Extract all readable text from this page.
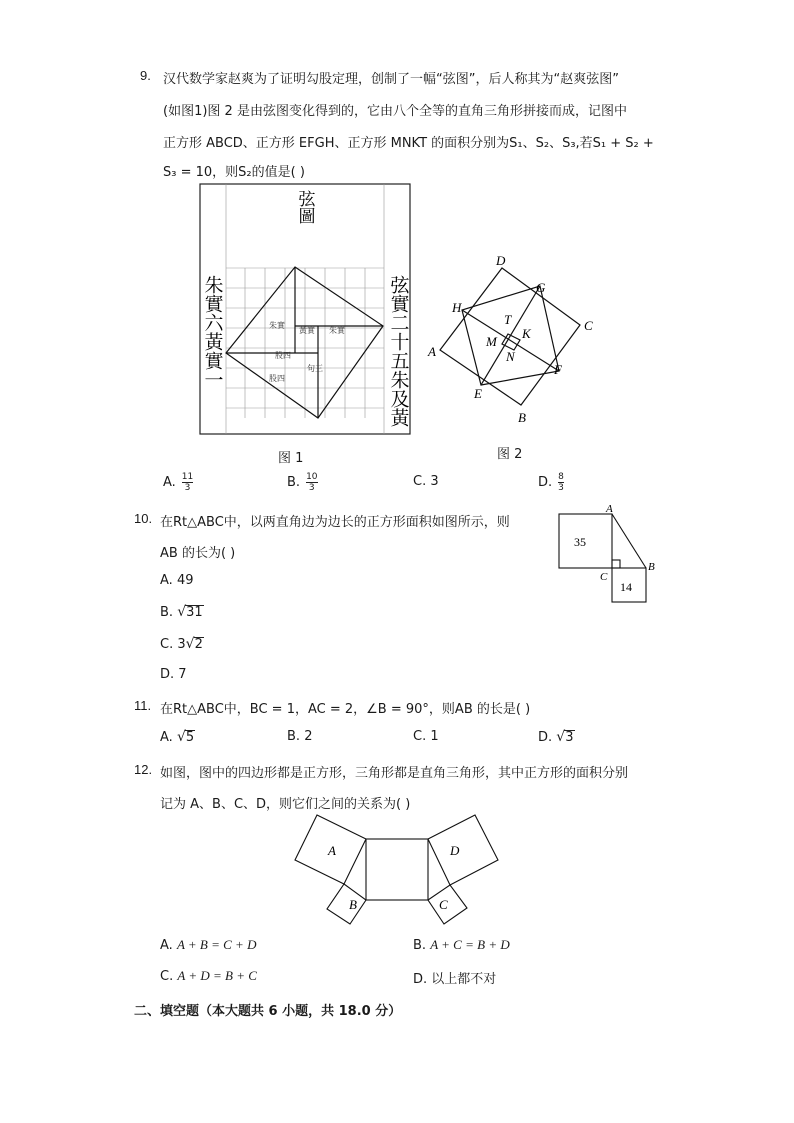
9. 汉代数学家赵爽为了证明勾股定理，创制了一幅“弦图”，后人称其为“赵爽弦图”
(如图1)图 2 是由弦图变化得到的，它由八个全等的直角三角形拼接而成，记图中
正方形 ABCD、正方形 EFGH、正方形 MNKT 的面积分别为S₁、S₂、S₃,若S₁ + S₂ +
S₃ = 10，则S₂的值是( )
弦圖
朱實六黃實一	弦實二十五朱及黃
朱實
黃實 朱實
股四
句三
股四
图 1
D
G
C
H
T
K
A
M
N
F
E
B
图 2
A. $\frac{11}{3}$	B. $\frac{10}{3}$	C. 3	D. $\frac{8}{3}$
10. 在Rt△ABC中，以两直角边为边长的正方形面积如图所示，则
AB 的长为( )
A
B
C
35
14
A. 49
B. √31
C. 3√2
D. 7
11. 在Rt△ABC中，BC = 1，AC = 2，∠B = 90°，则AB 的长是( )
A. √5	B. 2	C. 1	D. √3
12. 如图，图中的四边形都是正方形，三角形都是直角三角形，其中正方形的面积分别
记为 A、B、C、D，则它们之间的关系为( )
A
B
D
C
A. A + B = C + D	B. A + C = B + D
C. A + D = B + C	D. 以上都不对
二、填空题（本大题共 6 小题，共 18.0 分）
